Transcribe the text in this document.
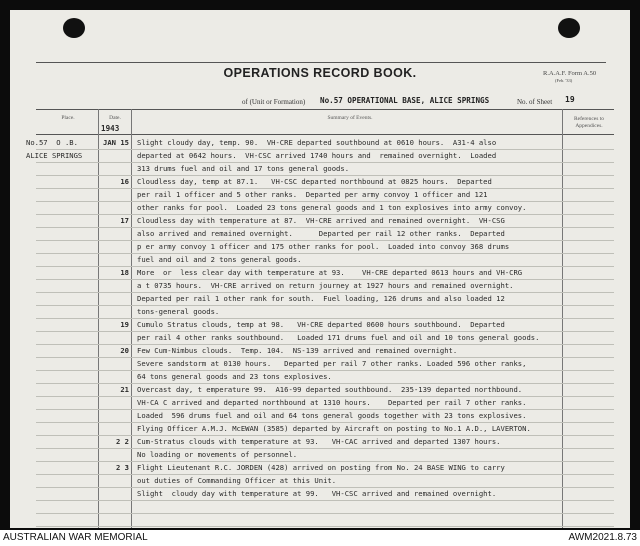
OPERATIONS RECORD BOOK.	R.A.A.F. Form A.50
(Feb. '33)
of (Unit or Formation) No.57 OPERATIONAL BASE, ALICE SPRINGS	No. of Sheet 19
Place.	Date.	Summary of Events.	References to Appendices.
1943
No.57  O .B.
ALICE SPRINGS
JAN 15 Slight cloudy day, temp. 90.  VH-CRE departed southbound at 0610 hours.  A31-4 also
departed at 0642 hours.  VH-CSC arrived 1740 hours and  remained overnight.  Loaded
313 drums fuel and oil and 17 tons general goods.
16 Cloudless day, temp at 87.1.   VH-CSC departed northbound at 0825 hours.  Departed
per rail 1 officer and 5 other ranks.  Departed per army convoy 1 officer and 121
other ranks for pool.  Loaded 23 tons general goods and 1 ton explosives into army convoy.
17 Cloudless day with temperature at 87.  VH-CRE arrived and remained overnight.  VH-CSG
also arrived and remained overnight.      Departed per rail 12 other ranks.  Departed
p er army convoy 1 officer and 175 other ranks for pool.  Loaded into convoy 368 drums
fuel and oil and 2 tons general goods.
18 More  or  less clear day with temperature at 93.    VH-CRE departed 0613 hours and VH-CRG
a t 0735 hours.  VH-CRE arrived on return journey at 1927 hours and remained overnight.
Departed per rail 1 other rank for south.  Fuel loading, 126 drums and also loaded 12
tons-general goods.
19 Cumulo Stratus clouds, temp at 98.   VH-CRE departed 0600 hours southbound.  Departed
per rail 4 other ranks southbound.   Loaded 171 drums fuel and oil and 10 tons general goods.
20 Few Cum-Nimbus clouds.  Temp. 104.  NS-139 arrived and remained overnight.
Severe sandstorm at 0130 hours.   Departed per rail 7 other ranks. Loaded 596 other ranks,
64 tons general goods and 23 tons explosives.
21 Overcast day, t emperature 99.  A16-99 departed southbound.  235-139 departed northbound.
VH-CA C arrived and departed northbound at 1310 hours.    Departed per rail 7 other ranks.
Loaded  596 drums fuel and oil and 64 tons general goods together with 23 tons explosives.
Flying Officer A.M.J. McEWAN (3585) departed by Aircraft on posting to No.1 A.D., LAVERTON.
2 2 Cum-Stratus clouds with temperature at 93.   VH-CAC arrived and departed 1307 hours.
No loading or movements of personnel.
2 3 Flight Lieutenant R.C. JORDEN (428) arrived on posting from No. 24 BASE WING to carry
out duties of Commanding Officer at this Unit.
Slight  cloudy day with temperature at 99.   VH-CSC arrived and remained overnight.
AUSTRALIAN WAR MEMORIAL	AWM2021.8.73
